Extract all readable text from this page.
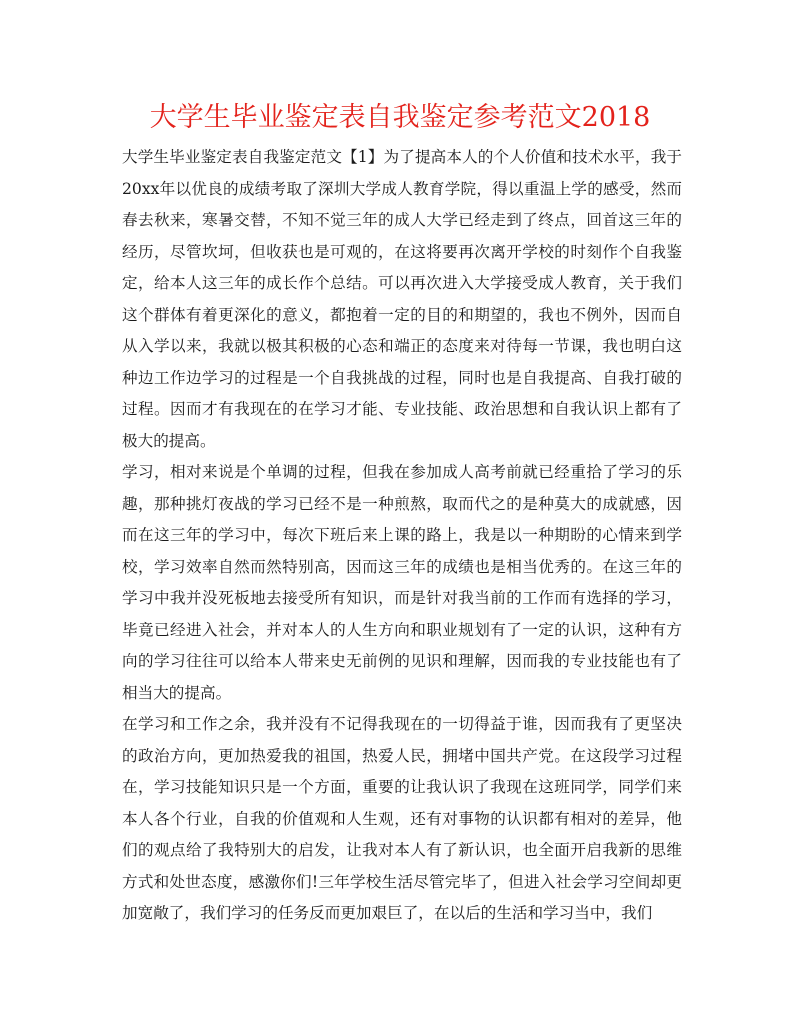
大学生毕业鉴定表自我鉴定参考范文2018

大学生毕业鉴定表自我鉴定范文【1】为了提高本人的个人价值和技术水平，我于20xx年以优良的成绩考取了深圳大学成人教育学院，得以重温上学的感受，然而春去秋来，寒暑交替，不知不觉三年的成人大学已经走到了终点，回首这三年的经历，尽管坎坷，但收获也是可观的，在这将要再次离开学校的时刻作个自我鉴定，给本人这三年的成长作个总结。可以再次进入大学接受成人教育，关于我们这个群体有着更深化的意义，都抱着一定的目的和期望的，我也不例外，因而自从入学以来，我就以极其积极的心态和端正的态度来对待每一节课，我也明白这种边工作边学习的过程是一个自我挑战的过程，同时也是自我提高、自我打破的过程。因而才有我现在的在学习才能、专业技能、政治思想和自我认识上都有了极大的提高。

学习，相对来说是个单调的过程，但我在参加成人高考前就已经重拾了学习的乐趣，那种挑灯夜战的学习已经不是一种煎熬，取而代之的是种莫大的成就感，因而在这三年的学习中，每次下班后来上课的路上，我是以一种期盼的心情来到学校，学习效率自然而然特别高，因而这三年的成绩也是相当优秀的。在这三年的学习中我并没死板地去接受所有知识，而是针对我当前的工作而有选择的学习，毕竟已经进入社会，并对本人的人生方向和职业规划有了一定的认识，这种有方向的学习往往可以给本人带来史无前例的见识和理解，因而我的专业技能也有了相当大的提高。

在学习和工作之余，我并没有不记得我现在的一切得益于谁，因而我有了更坚决的政治方向，更加热爱我的祖国，热爱人民，拥堵中国共产党。在这段学习过程在，学习技能知识只是一个方面，重要的让我认识了我现在这班同学，同学们来本人各个行业，自我的价值观和人生观，还有对事物的认识都有相对的差异，他们的观点给了我特别大的启发，让我对本人有了新认识，也全面开启我新的思维方式和处世态度，感激你们!三年学校生活尽管完毕了，但进入社会学习空间却更加宽敞了，我们学习的任务反而更加艰巨了，在以后的生活和学习当中，我们
